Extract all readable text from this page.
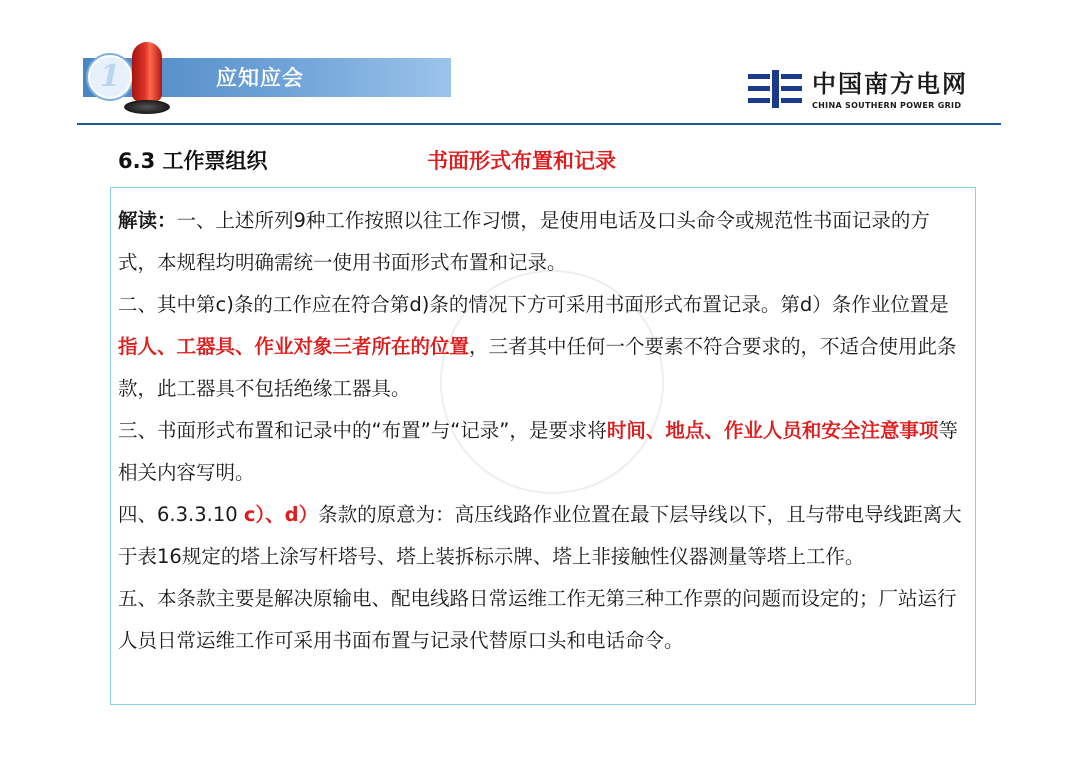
1	应知应会	中国南方电网
CHINA SOUTHERN POWER GRID
6.3 工作票组织	书面形式布置和记录

解读：一、上述所列9种工作按照以往工作习惯，是使用电话及口头命令或规范性书面记录的方式，本规程均明确需统一使用书面形式布置和记录。

二、其中第c)条的工作应在符合第d)条的情况下方可采用书面形式布置记录。第d）条作业位置是指人、工器具、作业对象三者所在的位置，三者其中任何一个要素不符合要求的，不适合使用此条款，此工器具不包括绝缘工器具。

三、书面形式布置和记录中的“布置”与“记录”，是要求将时间、地点、作业人员和安全注意事项等相关内容写明。

四、6.3.3.10 c）、d）条款的原意为：高压线路作业位置在最下层导线以下，且与带电导线距离大于表16规定的塔上涂写杆塔号、塔上装拆标示牌、塔上非接触性仪器测量等塔上工作。

五、本条款主要是解决原输电、配电线路日常运维工作无第三种工作票的问题而设定的；厂站运行人员日常运维工作可采用书面布置与记录代替原口头和电话命令。
